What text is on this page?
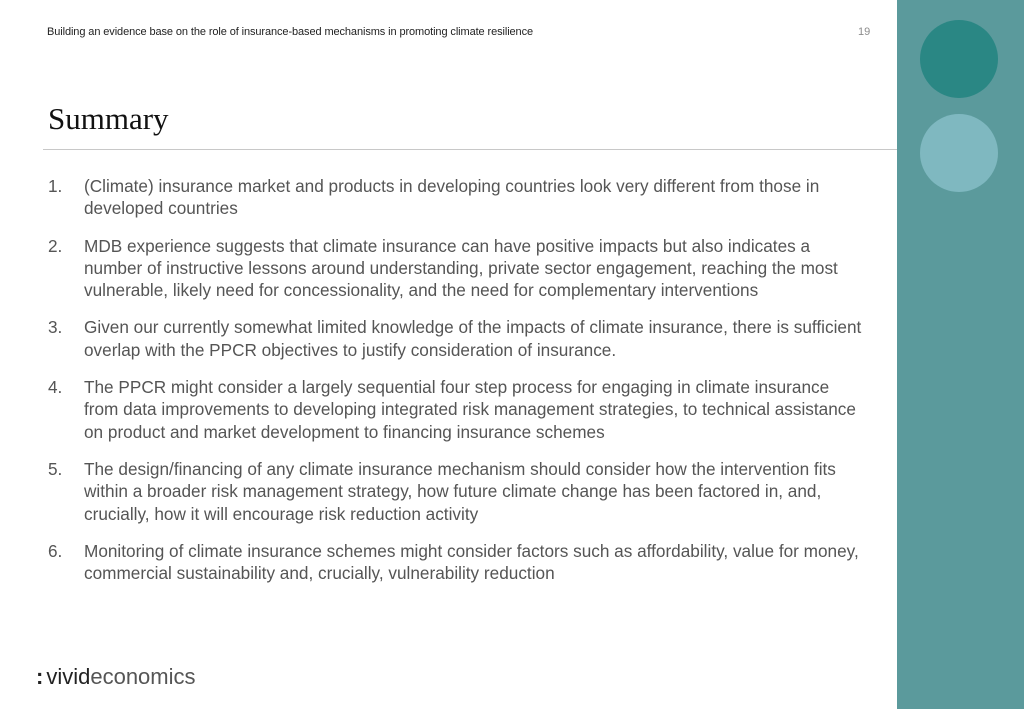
Building an evidence base on the role of insurance-based mechanisms in promoting climate resilience	19
Summary
1. (Climate) insurance market and products in developing countries look very different from those in developed countries
2. MDB experience suggests that climate insurance can have positive impacts but also indicates a number of instructive lessons around understanding, private sector engagement, reaching the most vulnerable, likely need for concessionality, and the need for complementary interventions
3. Given our currently somewhat limited knowledge of the impacts of climate insurance, there is sufficient overlap with the PPCR objectives to justify consideration of insurance.
4. The PPCR might consider a largely sequential four step process for engaging in climate insurance from data improvements to developing integrated risk management strategies, to technical assistance on product and market development to financing insurance schemes
5. The design/financing of any climate insurance mechanism should consider how the intervention fits within a broader risk management strategy, how future climate change has been factored in, and, crucially, how it will encourage risk reduction activity
6. Monitoring of climate insurance schemes might consider factors such as affordability, value for money, commercial sustainability and, crucially, vulnerability reduction
: vivideconomics
